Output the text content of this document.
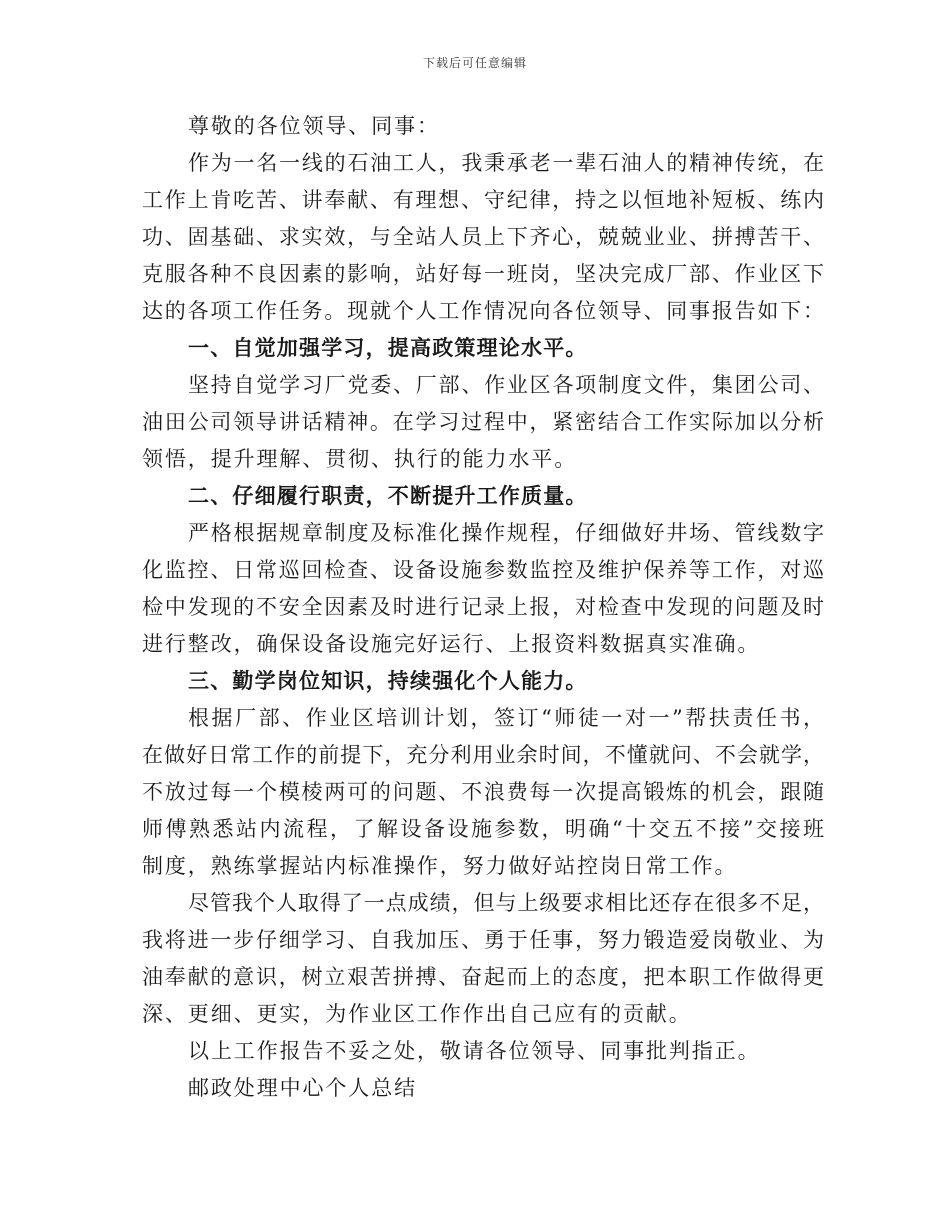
下载后可任意编辑
尊敬的各位领导、同事：
作为一名一线的石油工人，我秉承老一辈石油人的精神传统，在
工作上肯吃苦、讲奉献、有理想、守纪律，持之以恒地补短板、练内
功、固基础、求实效，与全站人员上下齐心，兢兢业业、拼搏苦干、
克服各种不良因素的影响，站好每一班岗，坚决完成厂部、作业区下
达的各项工作任务。现就个人工作情况向各位领导、同事报告如下：
一、自觉加强学习，提高政策理论水平。
坚持自觉学习厂党委、厂部、作业区各项制度文件，集团公司、
油田公司领导讲话精神。在学习过程中，紧密结合工作实际加以分析
领悟，提升理解、贯彻、执行的能力水平。
二、仔细履行职责，不断提升工作质量。
严格根据规章制度及标准化操作规程，仔细做好井场、管线数字
化监控、日常巡回检查、设备设施参数监控及维护保养等工作，对巡
检中发现的不安全因素及时进行记录上报，对检查中发现的问题及时
进行整改，确保设备设施完好运行、上报资料数据真实准确。
三、勤学岗位知识，持续强化个人能力。
根据厂部、作业区培训计划，签订“师徒一对一”帮扶责任书，
在做好日常工作的前提下，充分利用业余时间，不懂就问、不会就学，
不放过每一个模棱两可的问题、不浪费每一次提高锻炼的机会，跟随
师傅熟悉站内流程，了解设备设施参数，明确“十交五不接”交接班
制度，熟练掌握站内标准操作，努力做好站控岗日常工作。
尽管我个人取得了一点成绩，但与上级要求相比还存在很多不足，
我将进一步仔细学习、自我加压、勇于任事，努力锻造爱岗敬业、为
油奉献的意识，树立艰苦拼搏、奋起而上的态度，把本职工作做得更
深、更细、更实，为作业区工作作出自己应有的贡献。
以上工作报告不妥之处，敬请各位领导、同事批判指正。
邮政处理中心个人总结
